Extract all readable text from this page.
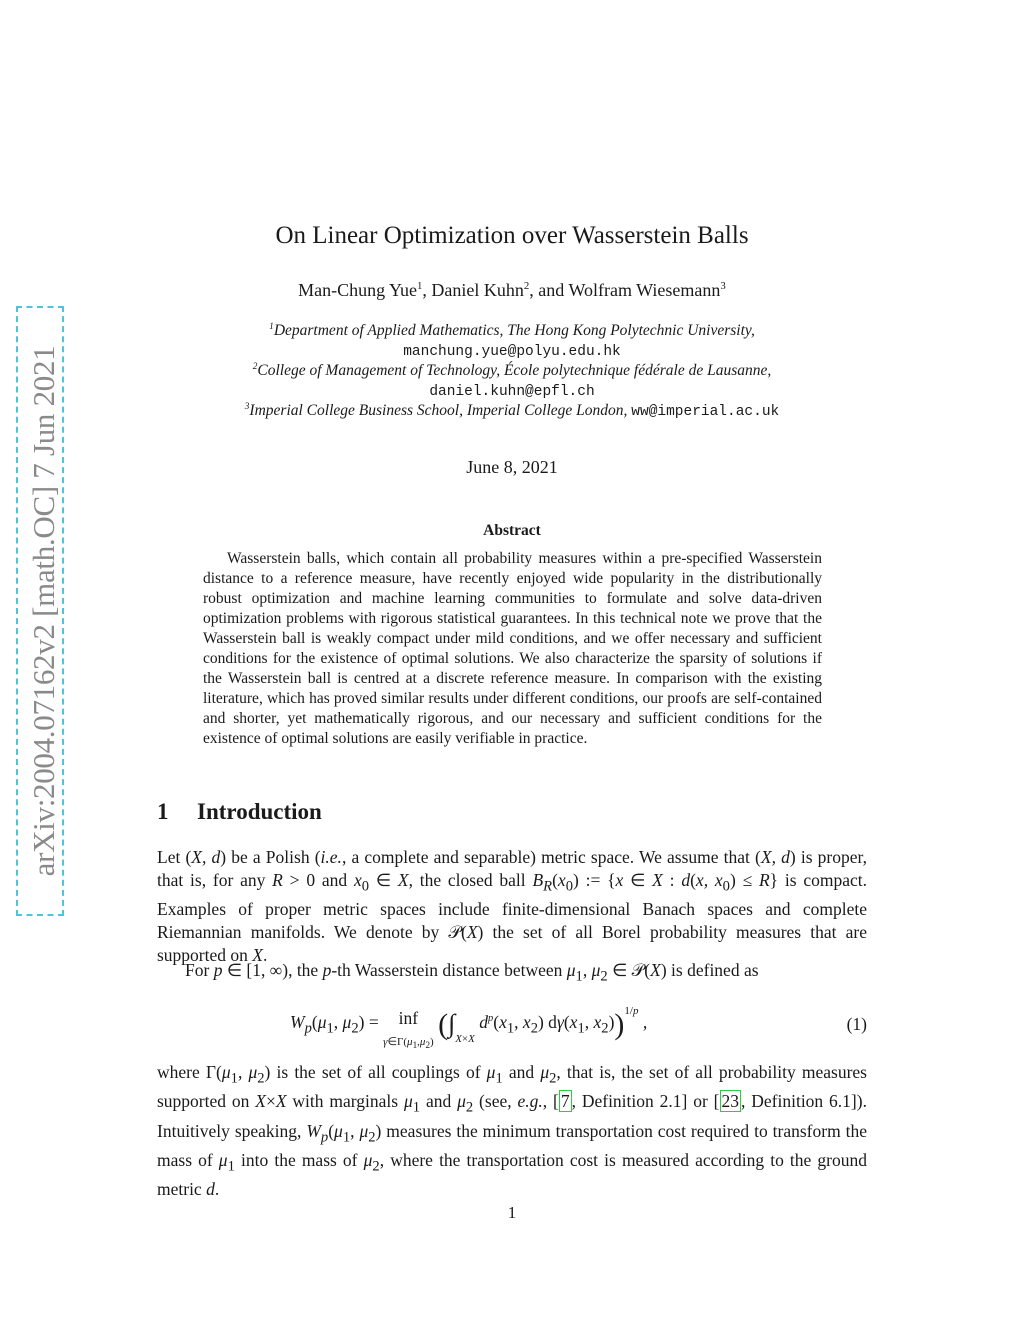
arXiv:2004.07162v2 [math.OC] 7 Jun 2021
On Linear Optimization over Wasserstein Balls
Man-Chung Yue$^1$, Daniel Kuhn$^2$, and Wolfram Wiesemann$^3$
$^1$Department of Applied Mathematics, The Hong Kong Polytechnic University,
manchung.yue@polyu.edu.hk
$^2$College of Management of Technology, École polytechnique fédérale de Lausanne,
daniel.kuhn@epfl.ch
$^3$Imperial College Business School, Imperial College London, ww@imperial.ac.uk
June 8, 2021
Abstract

Wasserstein balls, which contain all probability measures within a pre-specified Wasserstein distance to a reference measure, have recently enjoyed wide popularity in the distributionally robust optimization and machine learning communities to formulate and solve data-driven optimization problems with rigorous statistical guarantees. In this technical note we prove that the Wasserstein ball is weakly compact under mild conditions, and we offer necessary and sufficient conditions for the existence of optimal solutions. We also characterize the sparsity of solutions if the Wasserstein ball is centred at a discrete reference measure. In comparison with the existing literature, which has proved similar results under different conditions, our proofs are self-contained and shorter, yet mathematically rigorous, and our necessary and sufficient conditions for the existence of optimal solutions are easily verifiable in practice.

1 Introduction

Let (X, d) be a Polish (i.e., a complete and separable) metric space. We assume that (X, d) is proper, that is, for any R > 0 and $x_0$ ∈ X, the closed ball $B_R(x_0)$ := {x ∈ X : d(x, $x_0) \le R$} is compact. Examples of proper metric spaces include finite-dimensional Banach spaces and complete Riemannian manifolds. We denote by 𝒫(X) the set of all Borel probability measures that are supported on X.

For p ∈ [1, ∞), the p-th Wasserstein distance between $\mu_1$, $\mu_2$ ∈ 𝒫(X) is defined as

$W_p(\mu_1$, $\mu_2$) = inf
$\gamma\in\Gamma(\mu_1,\mu_2)$ ($\int_{X\times X}$ $d^p(x_1$, $x_2$) $d\gamma(x_1$, $x_2))^{1/p}$ ,	(1)

where $\Gamma(\mu_1$, $\mu_2$) is the set of all couplings of $\mu_1$ and $\mu_2$, that is, the set of all probability measures supported on X×X with marginals $\mu_1$ and $\mu_2$ (see, e.g., [ 7 , Definition 2.1] or [ 23 , Definition 6.1]). Intuitively speaking, $W_p(\mu_1$, $\mu_2$) measures the minimum transportation cost required to transform the mass of $\mu_1$ into the mass of $\mu_2$, where the transportation cost is measured according to the ground metric d.

1
